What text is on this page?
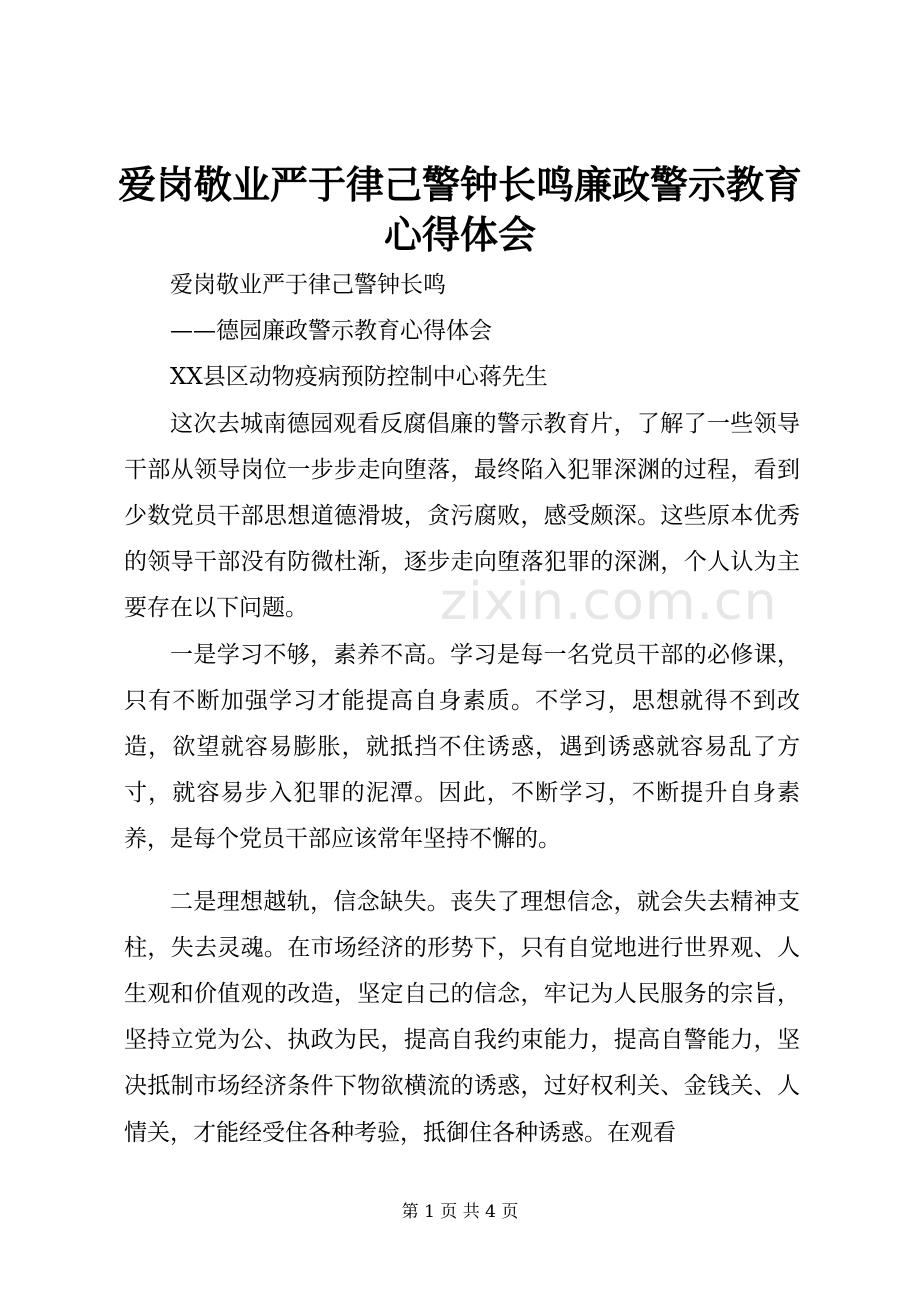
爱岗敬业严于律己警钟长鸣廉政警示教育心得体会

爱岗敬业严于律己警钟长鸣

——德园廉政警示教育心得体会

XX县区动物疫病预防控制中心蒋先生

这次去城南德园观看反腐倡廉的警示教育片，了解了一些领导干部从领导岗位一步步走向堕落，最终陷入犯罪深渊的过程，看到少数党员干部思想道德滑坡，贪污腐败，感受颇深。这些原本优秀的领导干部没有防微杜渐，逐步走向堕落犯罪的深渊，个人认为主要存在以下问题。

一是学习不够，素养不高。学习是每一名党员干部的必修课，只有不断加强学习才能提高自身素质。不学习，思想就得不到改造，欲望就容易膨胀，就抵挡不住诱惑，遇到诱惑就容易乱了方寸，就容易步入犯罪的泥潭。因此，不断学习，不断提升自身素养，是每个党员干部应该常年坚持不懈的。

二是理想越轨，信念缺失。丧失了理想信念，就会失去精神支柱，失去灵魂。在市场经济的形势下，只有自觉地进行世界观、人生观和价值观的改造，坚定自己的信念，牢记为人民服务的宗旨，坚持立党为公、执政为民，提高自我约束能力，提高自警能力，坚决抵制市场经济条件下物欲横流的诱惑，过好权利关、金钱关、人情关，才能经受住各种考验，抵御住各种诱惑。在观看

zixin.com.cn
第 1 页 共 4 页
